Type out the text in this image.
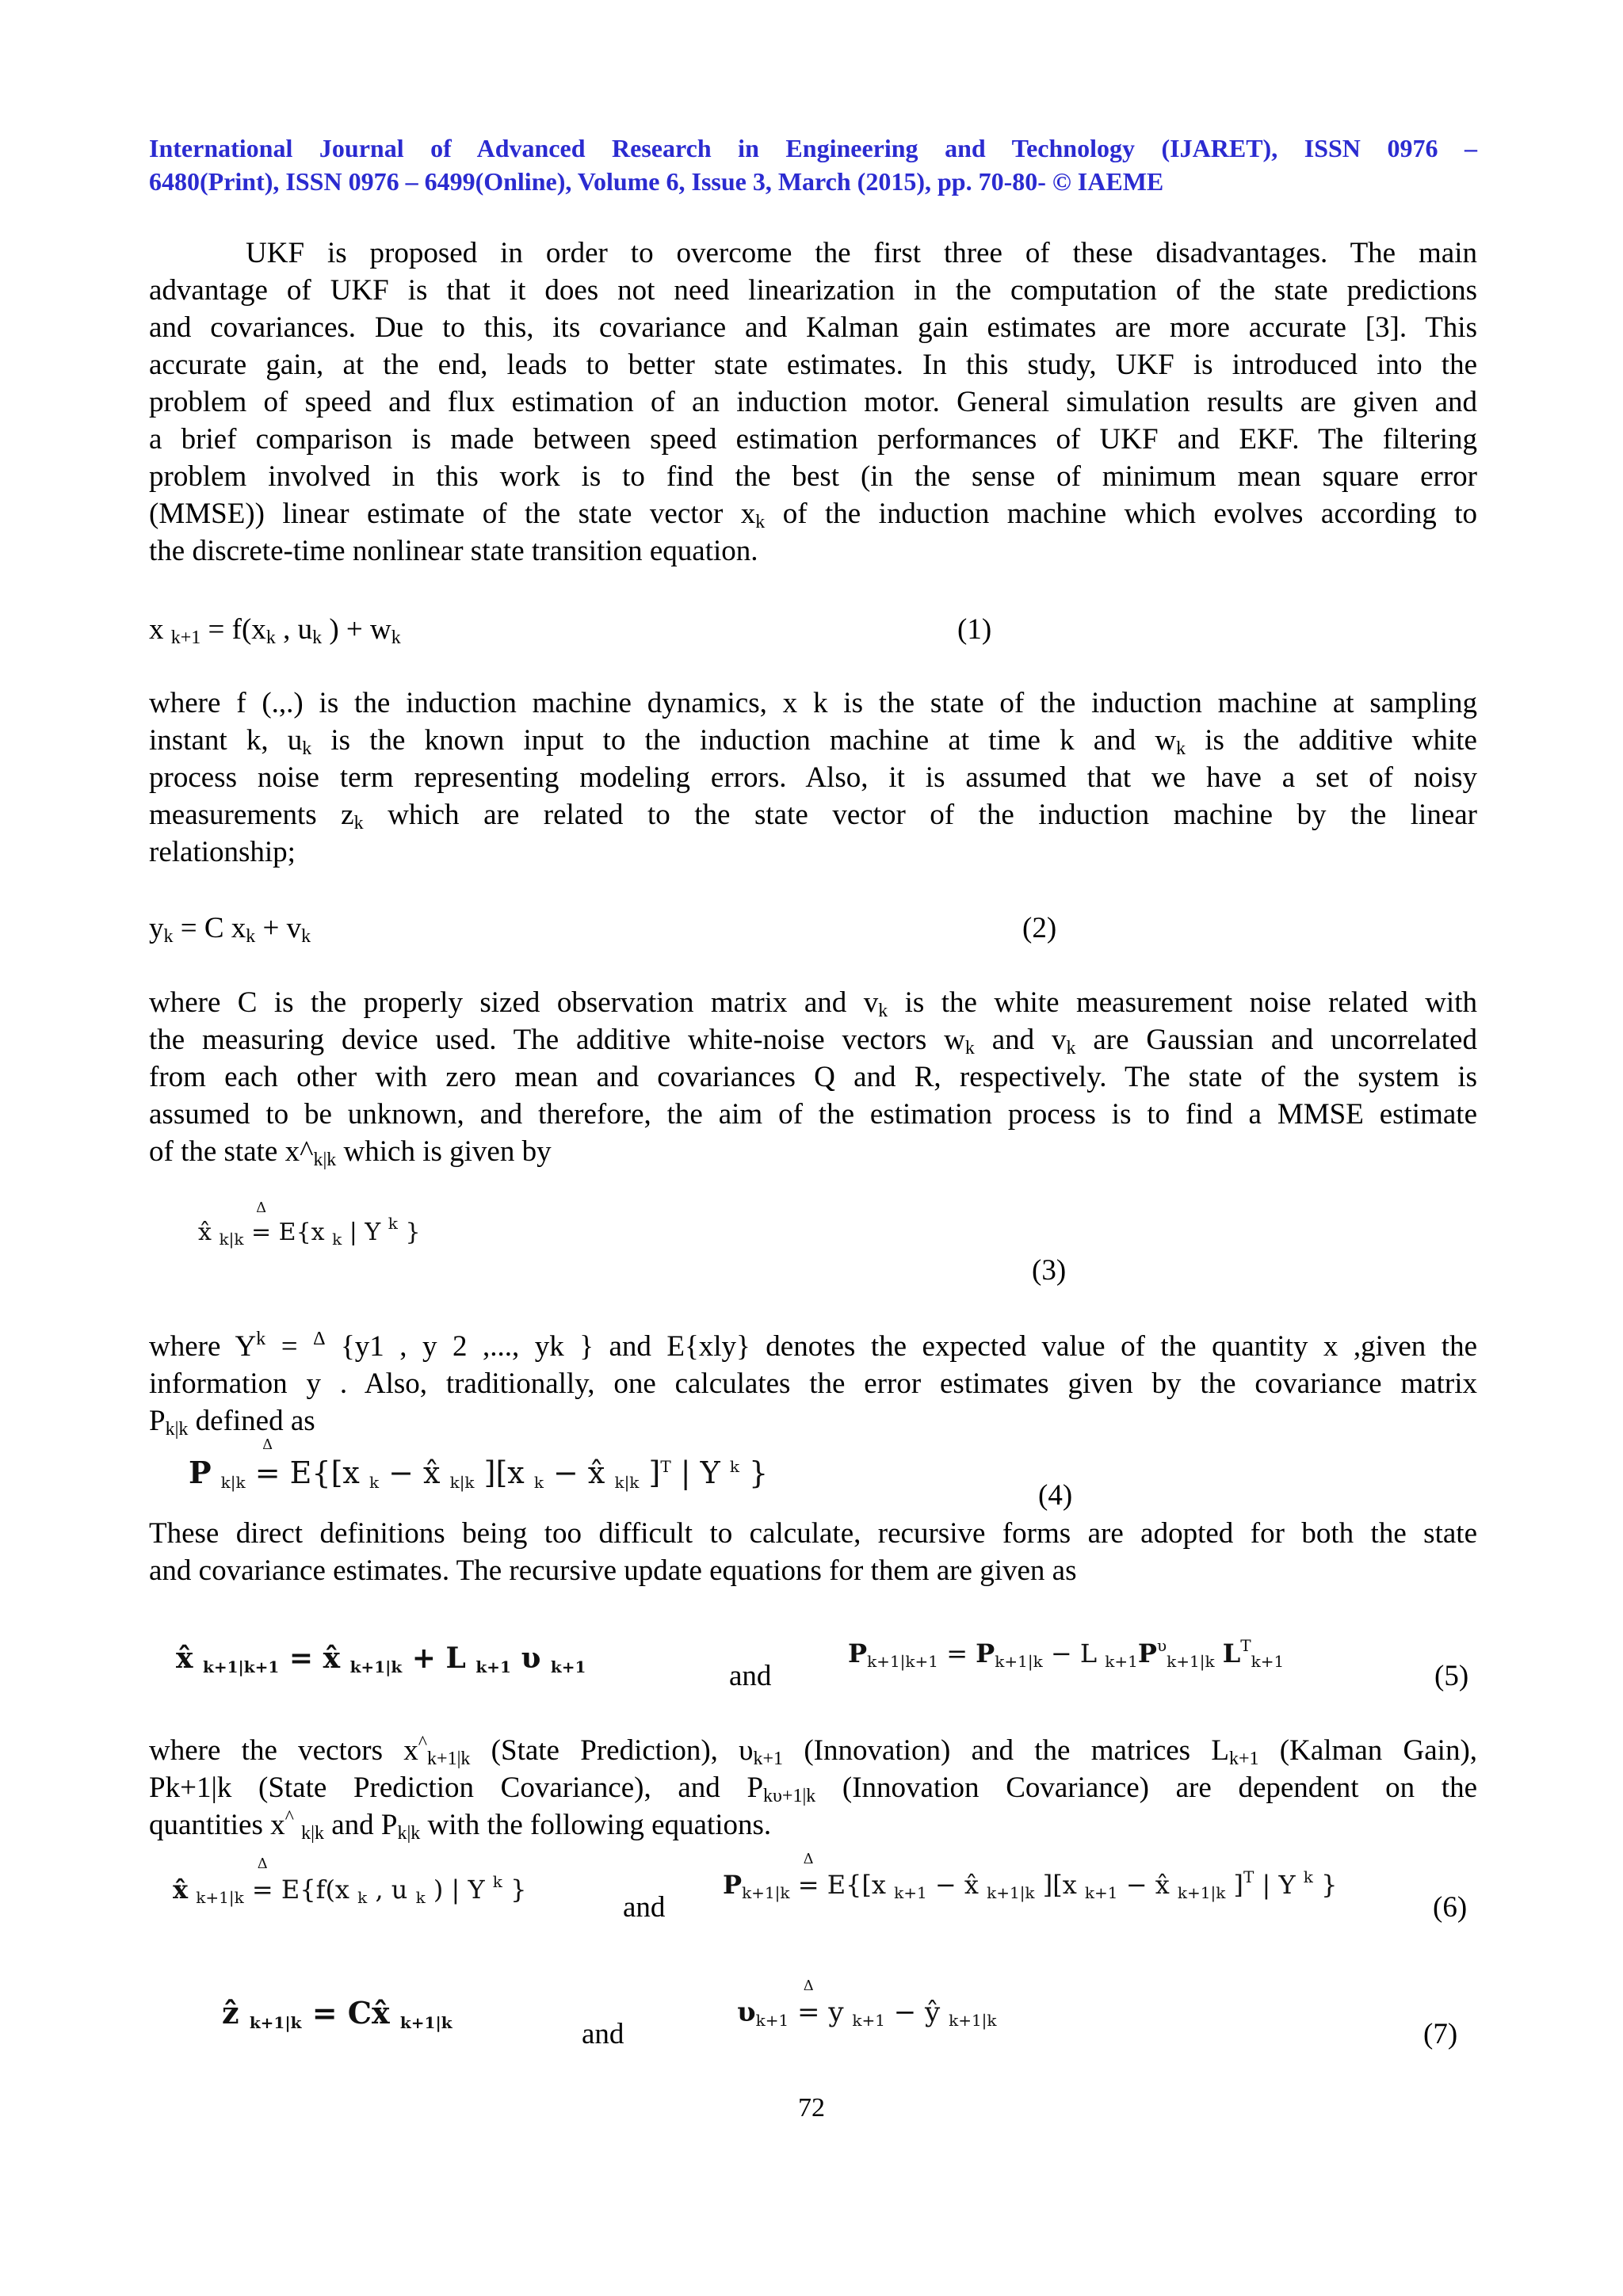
International Journal of Advanced Research in Engineering and Technology (IJARET), ISSN 0976 –
6480(Print), ISSN 0976 – 6499(Online), Volume 6, Issue 3, March (2015), pp. 70-80- © IAEME
UKF is proposed in order to overcome the first three of these disadvantages. The main
advantage of UKF is that it does not need linearization in the computation of the state predictions
and covariances. Due to this, its covariance and Kalman gain estimates are more accurate [3]. This
accurate gain, at the end, leads to better state estimates. In this study, UKF is introduced into the
problem of speed and flux estimation of an induction motor. General simulation results are given and
a brief comparison is made between speed estimation performances of UKF and EKF. The filtering
problem involved in this work is to find the best (in the sense of minimum mean square error
(MMSE)) linear estimate of the state vector $x_k$ of the induction machine which evolves according to
the discrete-time nonlinear state transition equation.
x $_{k+1} = f(x_k$ , $u_k$ ) + $w_k$	(1)
where f (.,.) is the induction machine dynamics, x k is the state of the induction machine at sampling
instant k, $u_k$ is the known input to the induction machine at time k and $w_k$ is the additive white
process noise term representing modeling errors. Also, it is assumed that we have a set of noisy
measurements $z_k$ which are related to the state vector of the induction machine by the linear
relationship;
$y_k = C$ $x_k + v_k$	(2)
where C is the properly sized observation matrix and $v_k$ is the white measurement noise related with
the measuring device used. The additive white-noise vectors $w_k$ and $v_k$ are Gaussian and uncorrelated
from each other with zero mean and covariances Q and R, respectively. The state of the system is
assumed to be unknown, and therefore, the aim of the estimation process is to find a MMSE estimate
of the state $x\^{}_{k|k}$ which is given by
x̂ $_{k|k}$ =
Δ
E{x $_k$ | Y $^k$ }
(3)
where $Y^k = ^\Delta$ {y1 , y 2 ,..., yk } and E{xly} denotes the expected value of the quantity x ,given the
information y . Also, traditionally, one calculates the error estimates given by the covariance matrix
$P_{k|k}$ defined as
P $_{k|k}$ =
Δ
E{[x $_k$ − x̂ $_{k|k}$ ][x $_k$ − x̂ $_{k|k}$ ]$^T$ | Y $^k$ }
(4)
These direct definitions being too difficult to calculate, recursive forms are adopted for both the state
and covariance estimates. The recursive update equations for them are given as
x̂ $_{k+1|k+1}$ = x̂ $_{k+1|k}$ + L $_{k+1}$ υ $_{k+1}$	and
$P_{k+1|k+1} = P_{k+1|k} - L$ $_{k+1}P^\upsilon_{k+1|k}$ $L^T_{k+1}$	(5)
where the vectors $x^{\^{}}_{k+1|k}$ (State Prediction), $\upsilon_{k+1}$ (Innovation) and the matrices $L_{k+1}$ (Kalman Gain),
Pk+1|k (State Prediction Covariance), and $P_{k\upsilon+1|k}$ (Innovation Covariance) are dependent on the
quantities x^ $_{k|k}$ and $P_{k|k}$ with the following equations.
x̂ $_{k+1|k}$ =
Δ
E{f(x $_k$ , u $_k$ ) | Y $^k$ }
and
$P_{k+1|k}$ =
Δ
E{[x $_{k+1}$ − x̂ $_{k+1|k}$ ][x $_{k+1}$ − x̂ $_{k+1|k}$ ]$^T$ | Y $^k$ }
(6)
ẑ $_{k+1|k}$ = Cx̂ $_{k+1|k}$	and
$\upsilon_{k+1}$ =
Δ
y $_{k+1}$ − ŷ $_{k+1|k}$	(7)
72
